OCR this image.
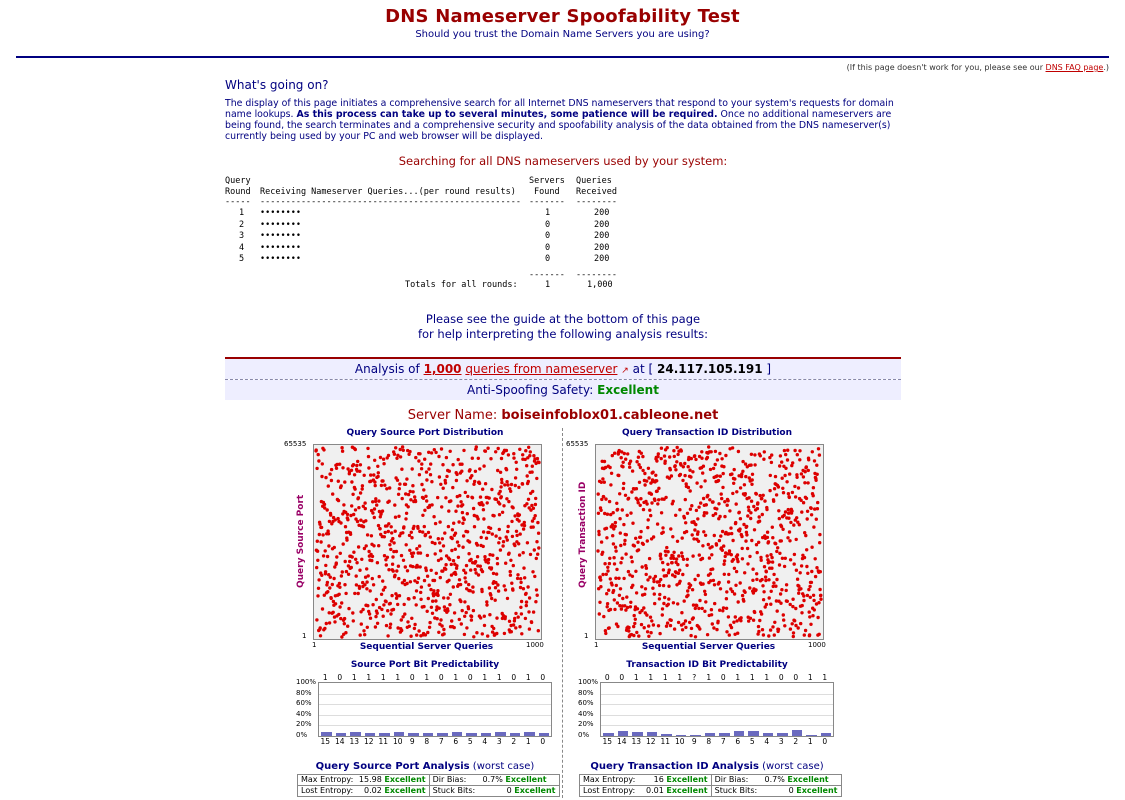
DNS Nameserver Spoofability Test
Should you trust the Domain Name Servers you are using?
(If this page doesn't work for you, please see our DNS FAQ page.)
What's going on?
The display of this page initiates a comprehensive search for all Internet DNS nameservers that respond to your system's requests for domain name lookups. As this process can take up to several minutes, some patience will be required. Once no additional nameservers are being found, the search terminates and a comprehensive security and spoofability analysis of the data obtained from the DNS nameserver(s) currently being used by your PC and web browser will be displayed.
Searching for all DNS nameservers used by your system:
Query
Round Receiving Nameserver Queries...(per round results)
Servers
Found
Queries
Received
----- --------------------------------------------------- ------- --------
1 ••••••••	1	200
2 ••••••••	0	200
3 ••••••••	0	200
4 ••••••••	0	200
5 ••••••••	0	200
------- --------
Totals for all rounds:	1	1,000
Please see the guide at the bottom of this page
for help interpreting the following analysis results:
Analysis of 1,000 queries from nameserver ↗ at [ 24.117.105.191 ]
Anti-Spoofing Safety: Excellent
Server Name: boiseinfoblox01.cableone.net
Query Source Port Distribution
65535
1
1	1000
Query Source Port
Sequential Server Queries
Source Port Bit Predictability
100%
80%
60%
40%
20%
0%
1
15
0
14
1
13
1
12
1
11
1
10
0
9
1
8
0
7
1
6
0
5
1
4
1
3
0
2
1
1
0
0
Query Source Port Analysis (worst case)
Max Entropy: 15.98 Excellent	Dir Bias: 0.7% Excellent
Lost Entropy: 0.02 Excellent	Stuck Bits: 0 Excellent
Query Transaction ID Distribution
65535
1
1	1000
Query Transaction ID
Sequential Server Queries
Transaction ID Bit Predictability
100%
80%
60%
40%
20%
0%
0
15
0
14
1
13
1
12
1
11
1
10
?
9
1
8
0
7
1
6
1
5
1
4
0
3
0
2
1
1
1
0
Query Transaction ID Analysis (worst case)
Max Entropy: 16 Excellent	Dir Bias: 0.7% Excellent
Lost Entropy: 0.01 Excellent	Stuck Bits: 0 Excellent
